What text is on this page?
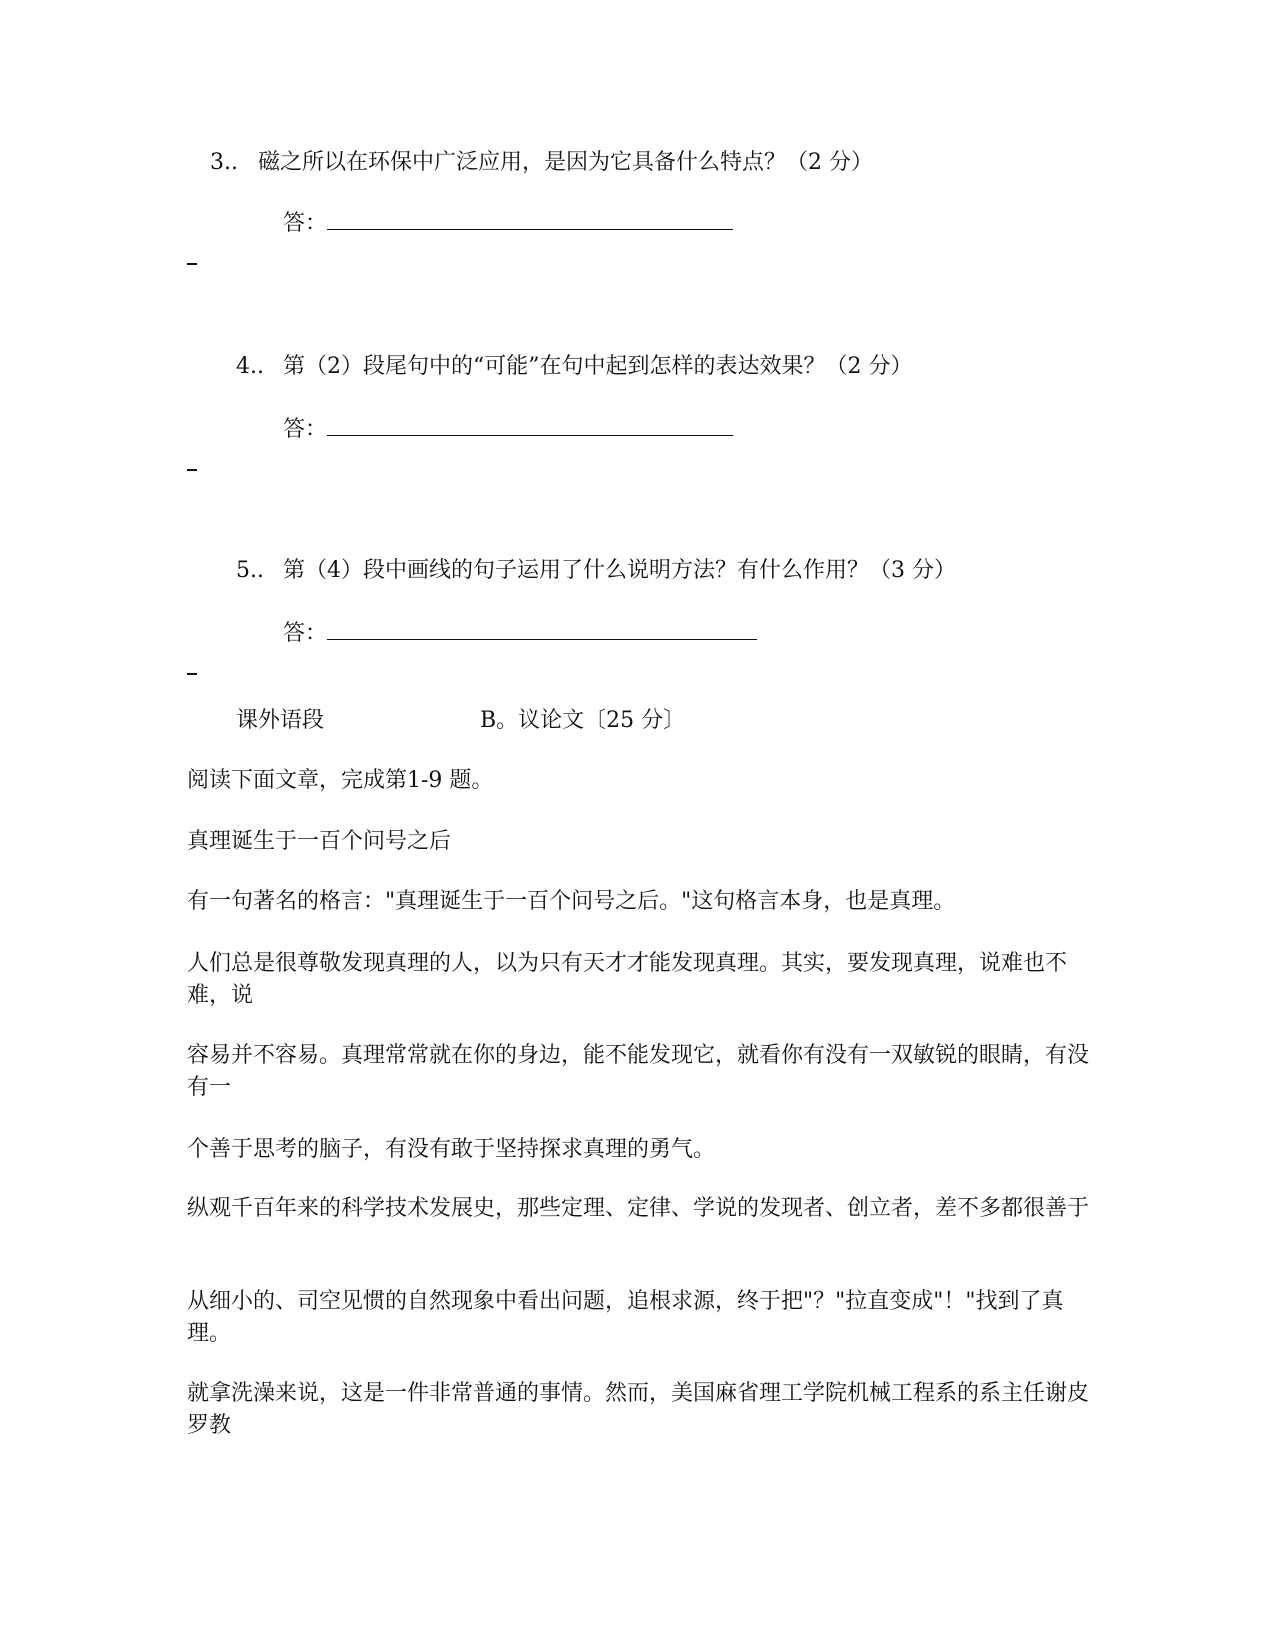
3.. 磁之所以在环保中广泛应用，是因为它具备什么特点？（2 分）
答：
4.. 第（2）段尾句中的“可能”在句中起到怎样的表达效果？（2 分）
答：
5.. 第（4）段中画线的句子运用了什么说明方法？有什么作用？（3 分）
答：
课外语段	B。议论文〔25 分〕
阅读下面文章，完成第1-9 题。
真理诞生于一百个问号之后
有一句著名的格言："真理诞生于一百个问号之后。"这句格言本身，也是真理。
人们总是很尊敬发现真理的人，以为只有天才才能发现真理。其实，要发现真理，说难也不难，说
容易并不容易。真理常常就在你的身边，能不能发现它，就看你有没有一双敏锐的眼睛，有没有一
个善于思考的脑子，有没有敢于坚持探求真理的勇气。
纵观千百年来的科学技术发展史，那些定理、定律、学说的发现者、创立者，差不多都很善于
从细小的、司空见惯的自然现象中看出问题，追根求源，终于把"？"拉直变成"！"找到了真理。
就拿洗澡来说，这是一件非常普通的事情。然而，美国麻省理工学院机械工程系的系主任谢皮罗教
